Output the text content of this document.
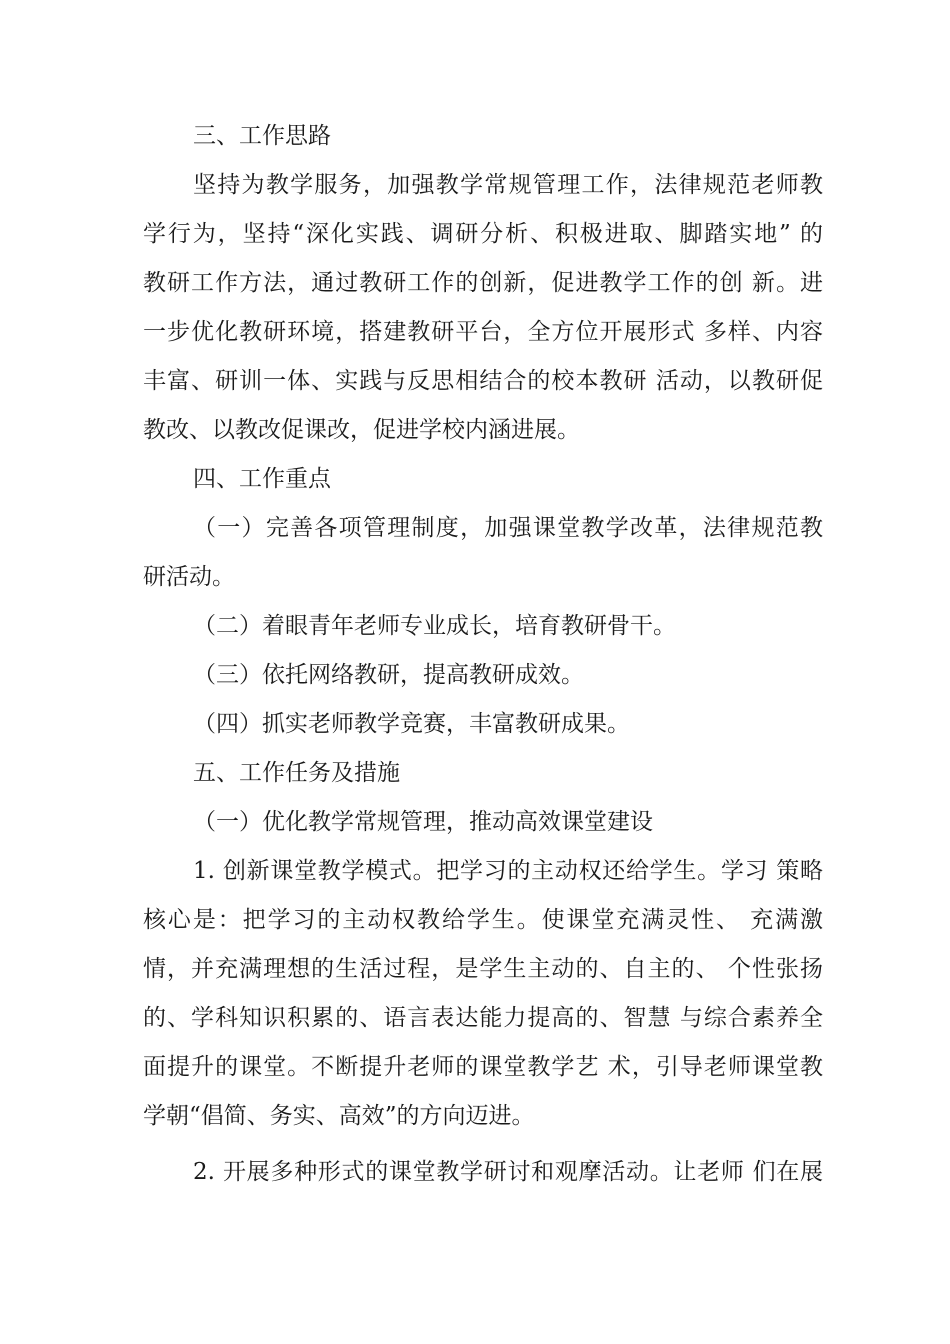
三、工作思路
坚持为教学服务，加强教学常规管理工作，法律规范老师教
学行为，坚持“深化实践、调研分析、积极进取、脚踏实地” 的
教研工作方法，通过教研工作的创新，促进教学工作的创 新。进
一步优化教研环境，搭建教研平台，全方位开展形式 多样、内容
丰富、研训一体、实践与反思相结合的校本教研 活动，以教研促
教改、以教改促课改，促进学校内涵进展。
四、工作重点
（一）完善各项管理制度，加强课堂教学改革，法律规范教
研活动。
（二）着眼青年老师专业成长，培育教研骨干。
（三）依托网络教研，提高教研成效。
（四）抓实老师教学竞赛，丰富教研成果。
五、工作任务及措施
（一）优化教学常规管理，推动高效课堂建设
1. 创新课堂教学模式。把学习的主动权还给学生。学习 策略
核心是：把学习的主动权教给学生。使课堂充满灵性、 充满激
情，并充满理想的生活过程，是学生主动的、自主的、 个性张扬
的、学科知识积累的、语言表达能力提高的、智慧 与综合素养全
面提升的课堂。不断提升老师的课堂教学艺 术，引导老师课堂教
学朝“倡简、务实、高效”的方向迈进。
2. 开展多种形式的课堂教学研讨和观摩活动。让老师 们在展
